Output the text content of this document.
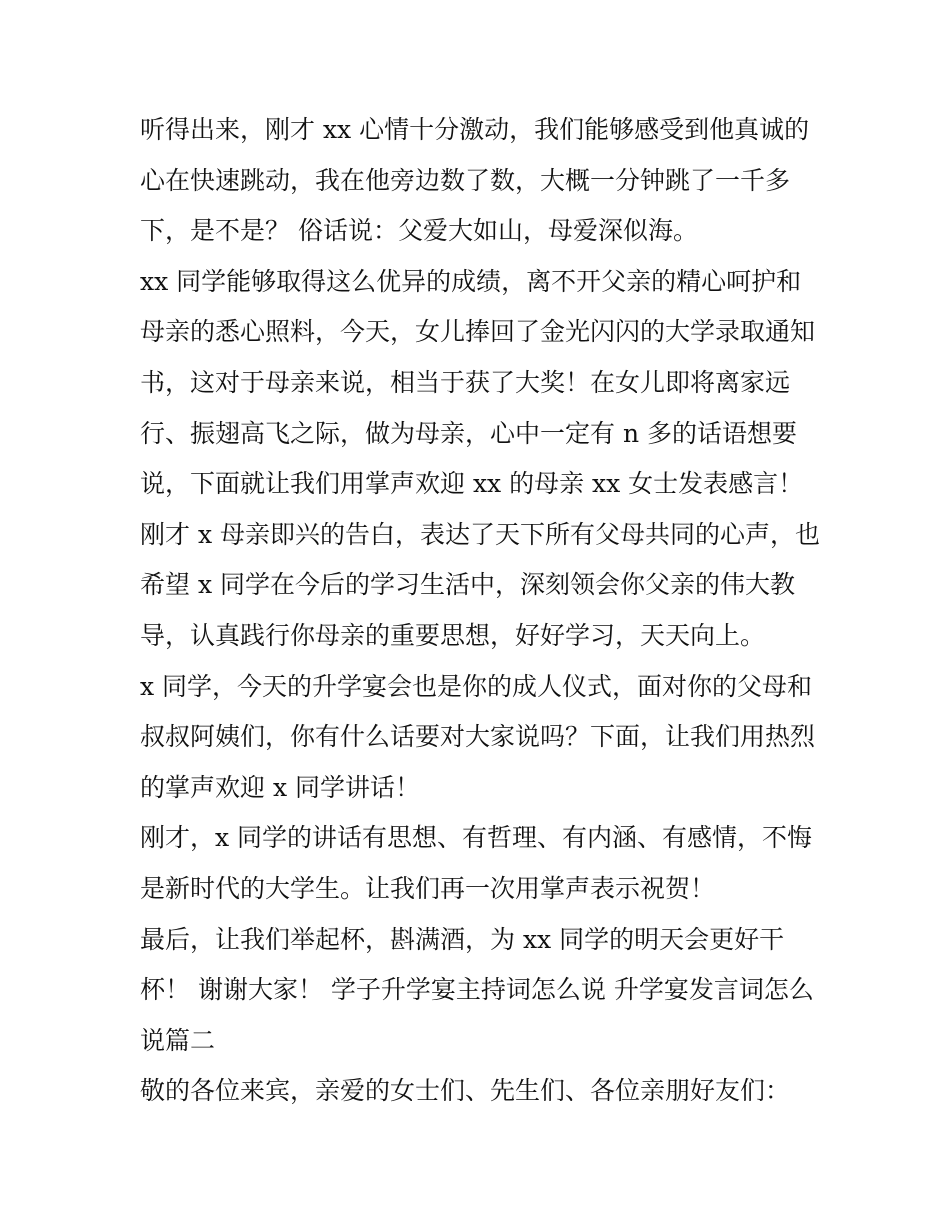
听得出来，刚才 xx 心情十分激动，我们能够感受到他真诚的
心在快速跳动，我在他旁边数了数，大概一分钟跳了一千多
下，是不是？ 俗话说：父爱大如山，母爱深似海。
xx 同学能够取得这么优异的成绩，离不开父亲的精心呵护和
母亲的悉心照料，今天，女儿捧回了金光闪闪的大学录取通知
书，这对于母亲来说，相当于获了大奖！在女儿即将离家远
行、振翅高飞之际，做为母亲，心中一定有 n 多的话语想要
说，下面就让我们用掌声欢迎 xx 的母亲 xx 女士发表感言！
刚才 x 母亲即兴的告白，表达了天下所有父母共同的心声，也
希望 x 同学在今后的学习生活中，深刻领会你父亲的伟大教
导，认真践行你母亲的重要思想，好好学习，天天向上。
x 同学，今天的升学宴会也是你的成人仪式，面对你的父母和
叔叔阿姨们，你有什么话要对大家说吗？下面，让我们用热烈
的掌声欢迎 x 同学讲话！
刚才，x 同学的讲话有思想、有哲理、有内涵、有感情，不悔
是新时代的大学生。让我们再一次用掌声表示祝贺！
最后，让我们举起杯，斟满酒，为 xx 同学的明天会更好干
杯！ 谢谢大家！ 学子升学宴主持词怎么说 升学宴发言词怎么
说篇二
敬的各位来宾，亲爱的女士们、先生们、各位亲朋好友们：
